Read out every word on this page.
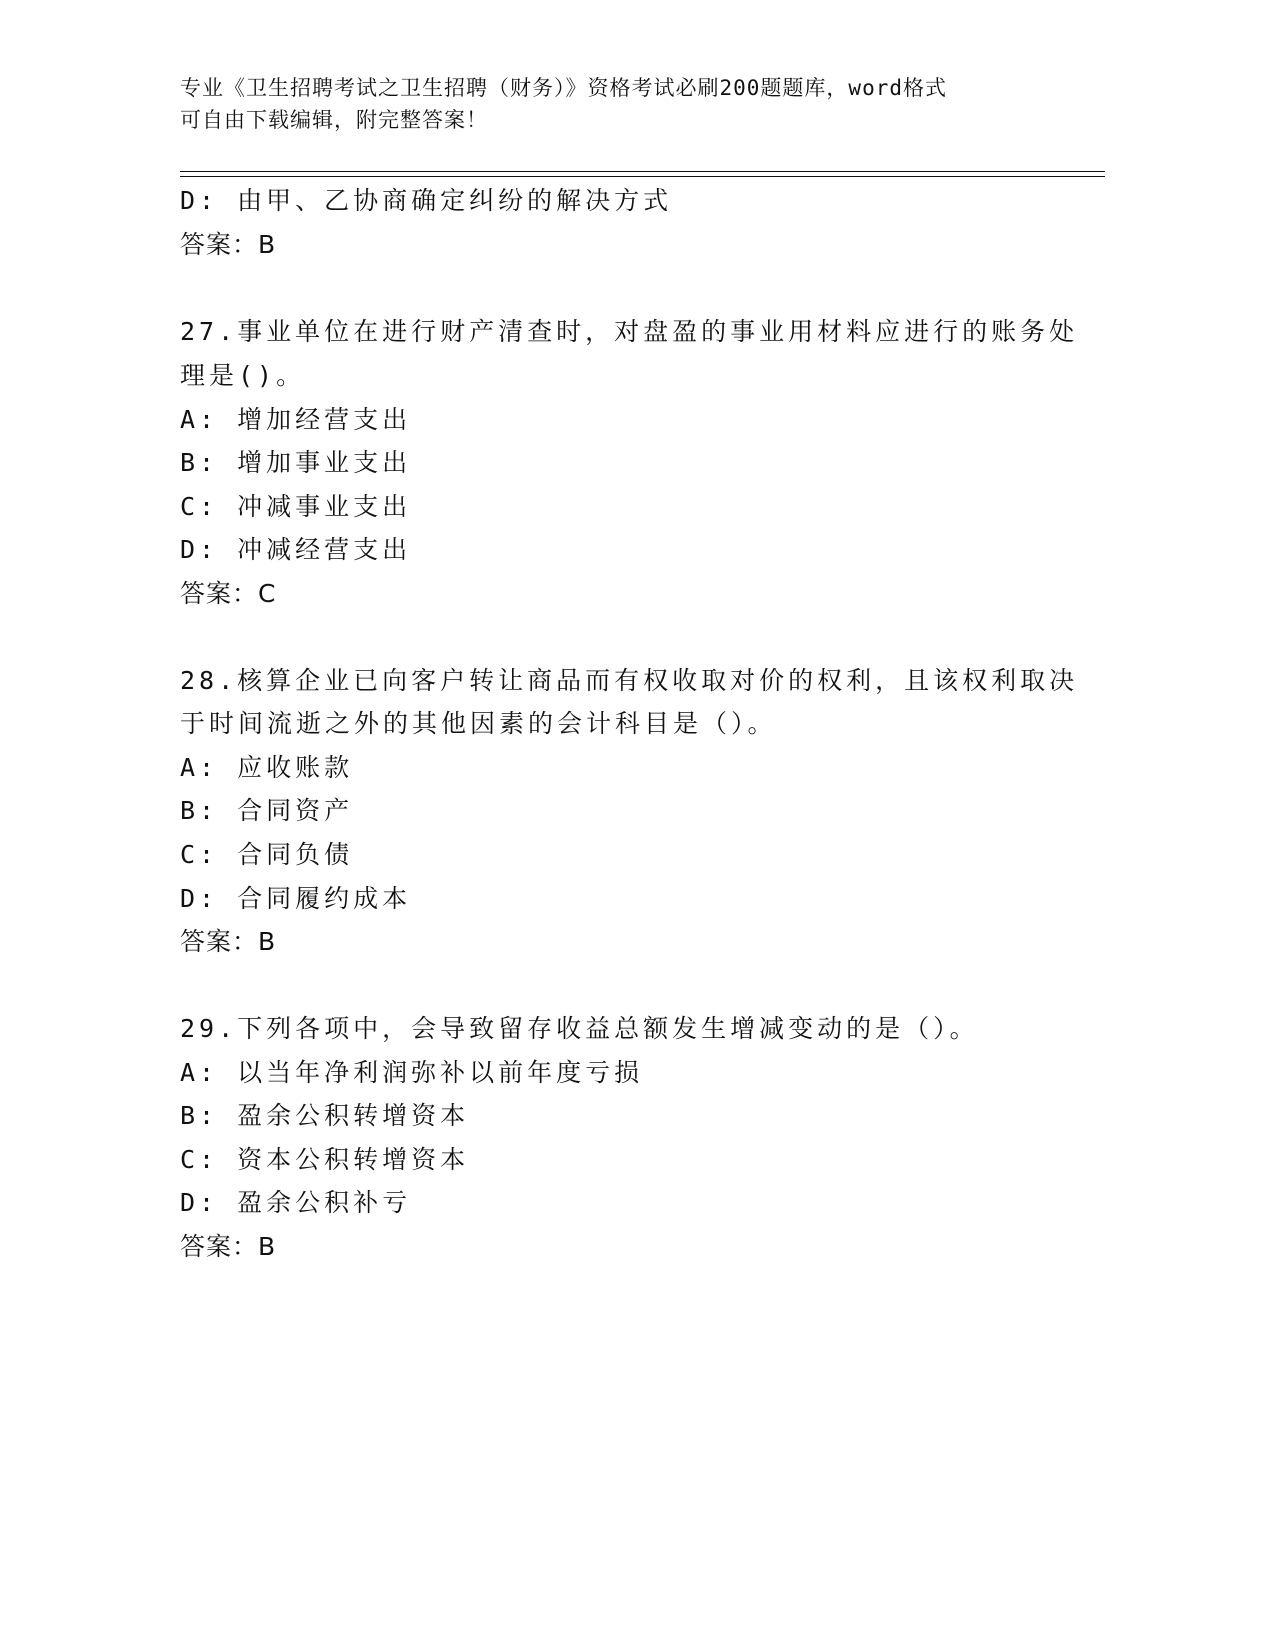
专业《卫生招聘考试之卫生招聘（财务）》资格考试必刷200题题库，word格式
可自由下载编辑，附完整答案！
D: 由甲、乙协商确定纠纷的解决方式
答案：B
27.事业单位在进行财产清查时，对盘盈的事业用材料应进行的账务处
理是()。
A: 增加经营支出
B: 增加事业支出
C: 冲减事业支出
D: 冲减经营支出
答案：C
28.核算企业已向客户转让商品而有权收取对价的权利，且该权利取决
于时间流逝之外的其他因素的会计科目是（）。
A: 应收账款
B: 合同资产
C: 合同负债
D: 合同履约成本
答案：B
29.下列各项中，会导致留存收益总额发生增减变动的是（）。
A: 以当年净利润弥补以前年度亏损
B: 盈余公积转增资本
C: 资本公积转增资本
D: 盈余公积补亏
答案：B
